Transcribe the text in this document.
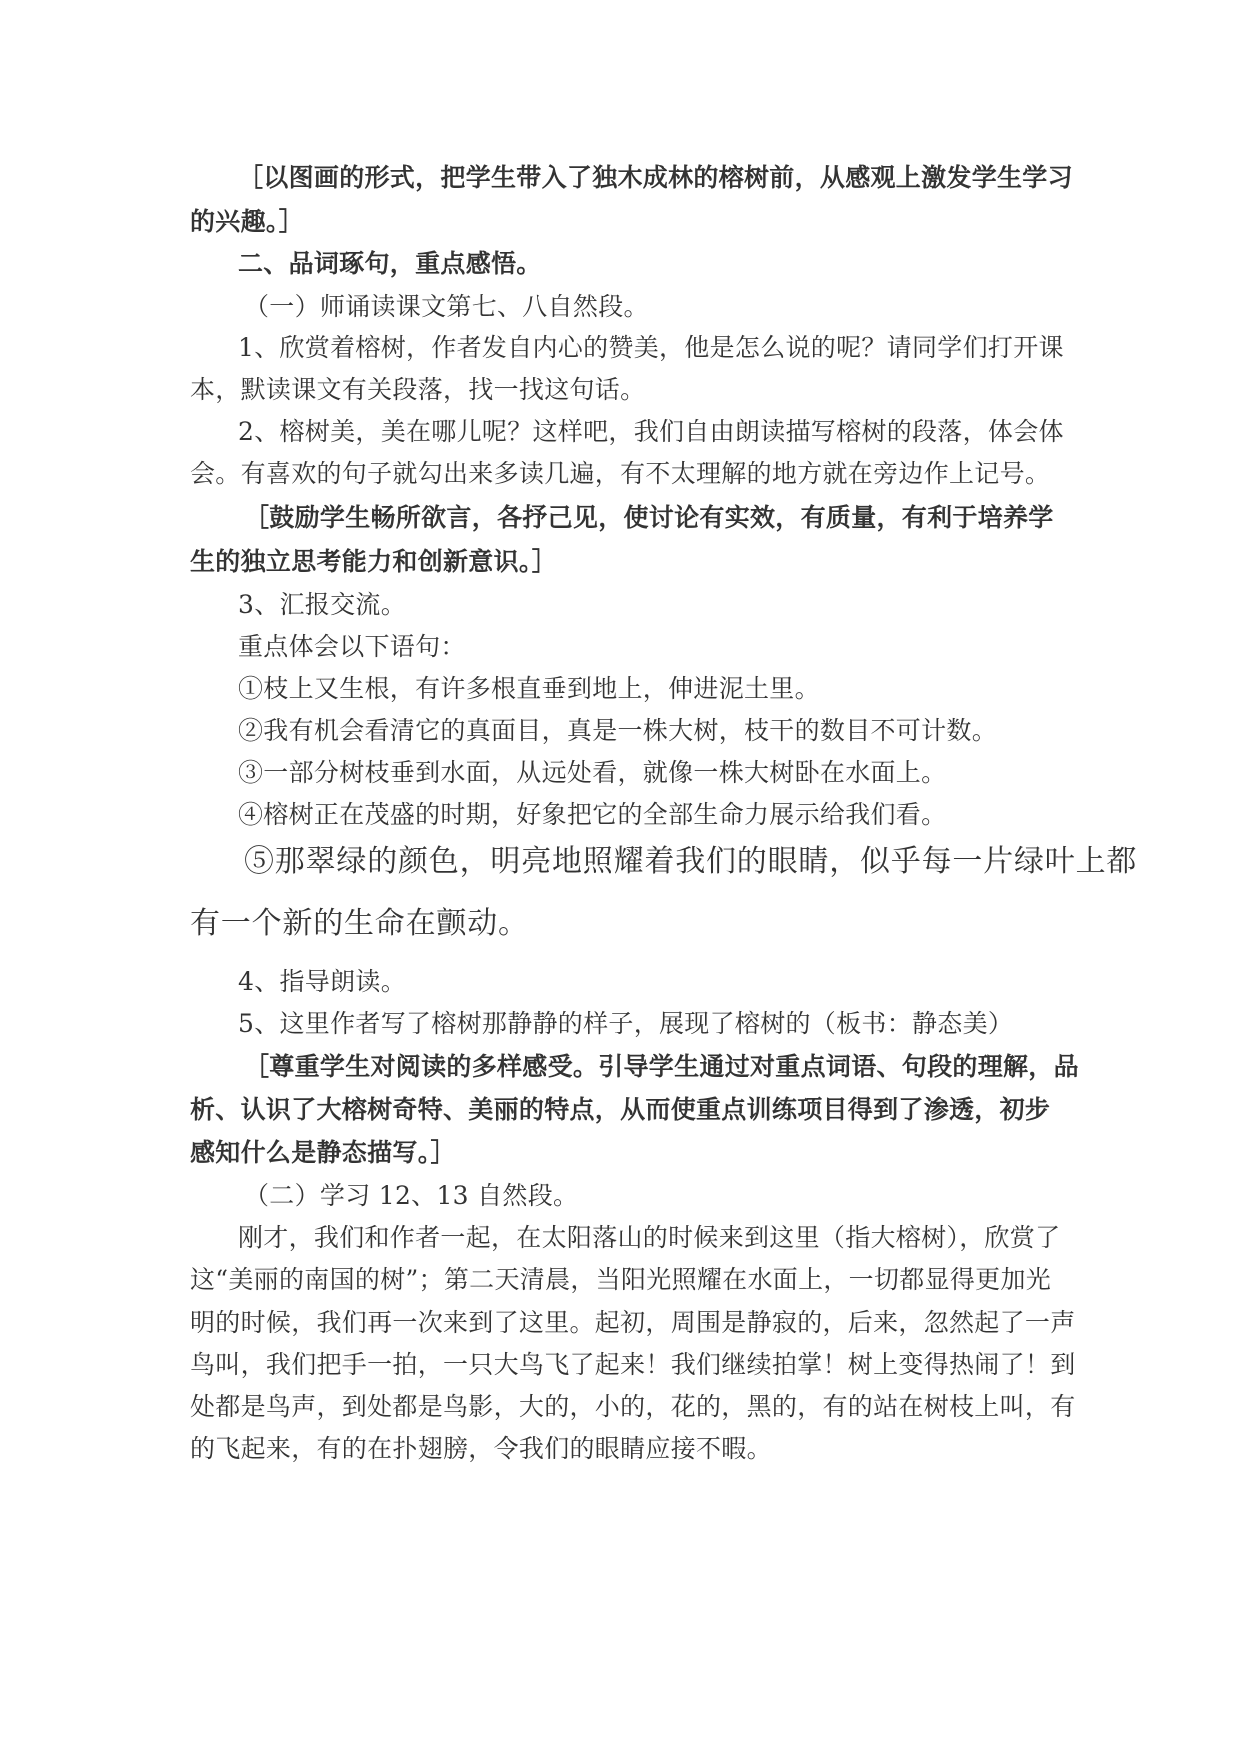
［以图画的形式，把学生带入了独木成林的榕树前，从感观上激发学生学习
的兴趣。］
二、品词琢句，重点感悟。
（一）师诵读课文第七、八自然段。
1、欣赏着榕树，作者发自内心的赞美，他是怎么说的呢？请同学们打开课
本，默读课文有关段落，找一找这句话。
2、榕树美，美在哪儿呢？这样吧，我们自由朗读描写榕树的段落，体会体
会。有喜欢的句子就勾出来多读几遍，有不太理解的地方就在旁边作上记号。
［鼓励学生畅所欲言，各抒己见，使讨论有实效，有质量，有利于培养学
生的独立思考能力和创新意识。］
3、汇报交流。
重点体会以下语句：
①枝上又生根，有许多根直垂到地上，伸进泥土里。
②我有机会看清它的真面目，真是一株大树，枝干的数目不可计数。
③一部分树枝垂到水面，从远处看，就像一株大树卧在水面上。
④榕树正在茂盛的时期，好象把它的全部生命力展示给我们看。
⑤那翠绿的颜色，明亮地照耀着我们的眼睛，似乎每一片绿叶上都
有一个新的生命在颤动。
4、指导朗读。
5、这里作者写了榕树那静静的样子，展现了榕树的（板书：静态美）
［尊重学生对阅读的多样感受。引导学生通过对重点词语、句段的理解，品
析、认识了大榕树奇特、美丽的特点，从而使重点训练项目得到了渗透，初步
感知什么是静态描写。］
（二）学习 12、13 自然段。
刚才，我们和作者一起，在太阳落山的时候来到这里（指大榕树），欣赏了
这“美丽的南国的树”；第二天清晨，当阳光照耀在水面上，一切都显得更加光
明的时候，我们再一次来到了这里。起初，周围是静寂的，后来，忽然起了一声
鸟叫，我们把手一拍，一只大鸟飞了起来！我们继续拍掌！树上变得热闹了！到
处都是鸟声，到处都是鸟影，大的，小的，花的，黑的，有的站在树枝上叫，有
的飞起来，有的在扑翅膀，令我们的眼睛应接不暇。
